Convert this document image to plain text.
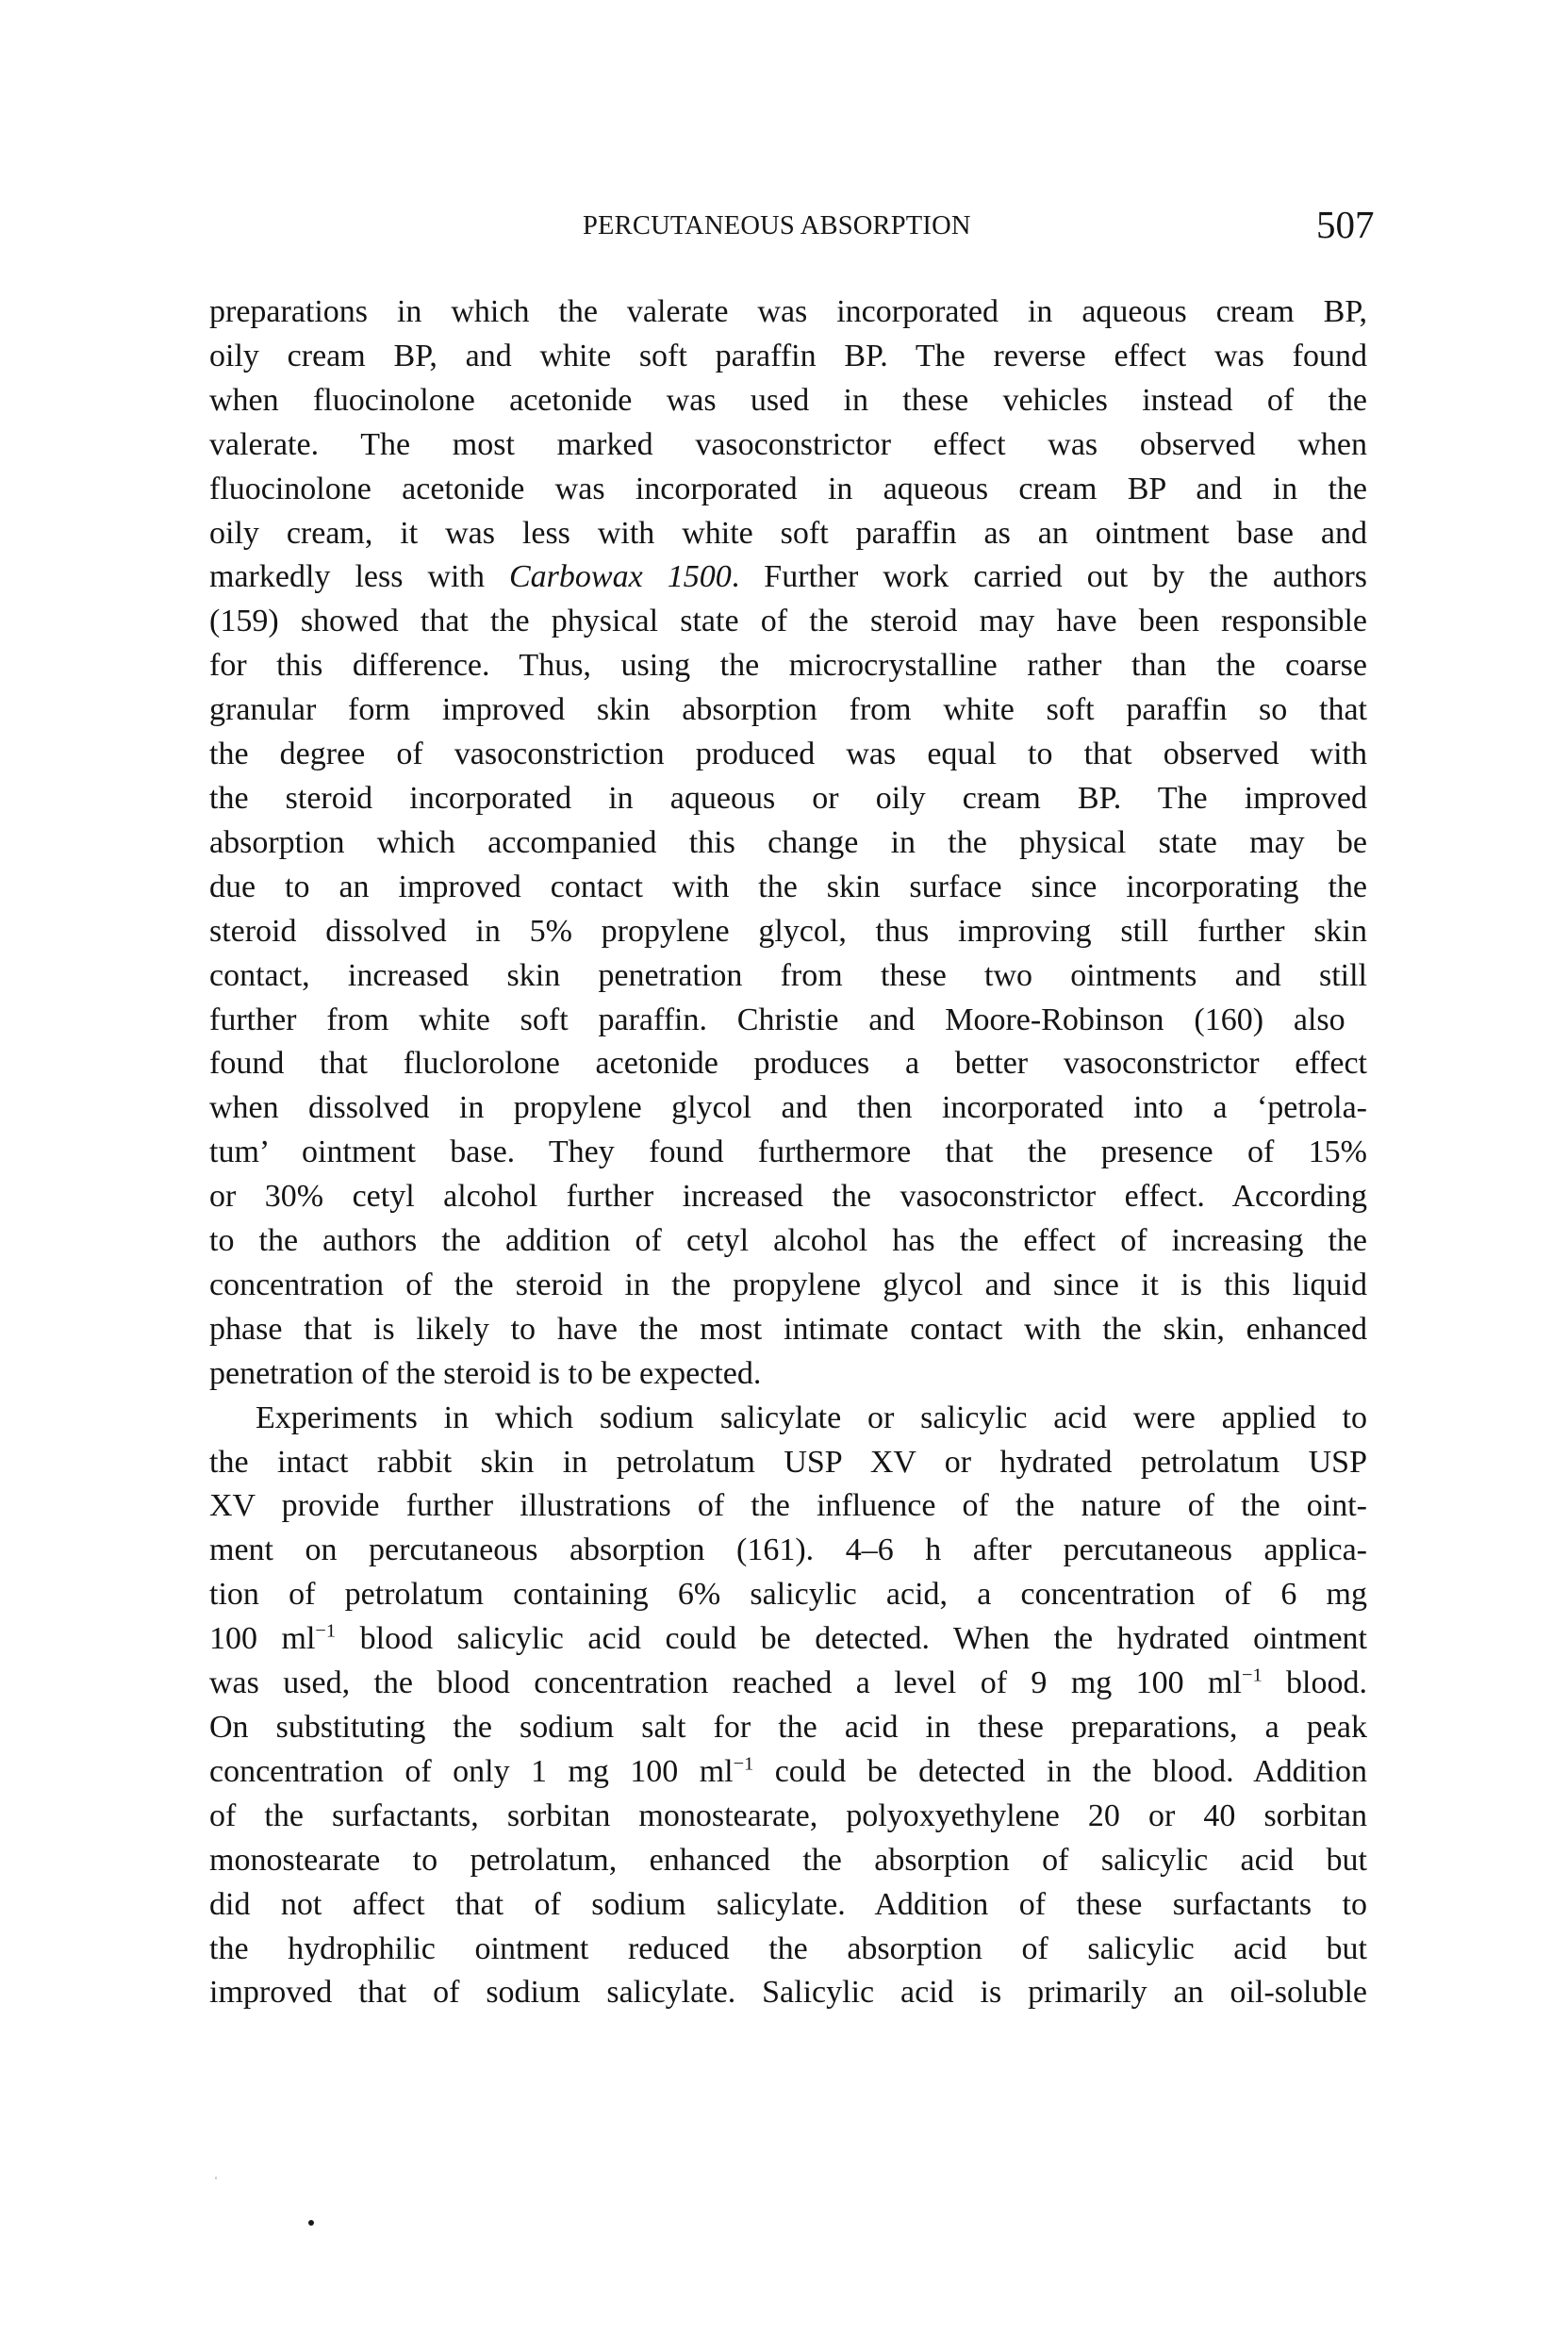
PERCUTANEOUS ABSORPTION	507
preparations in which the valerate was incorporated in aqueous cream BP,
oily cream BP, and white soft paraffin BP. The reverse effect was found
when fluocinolone acetonide was used in these vehicles instead of the
valerate. The most marked vasoconstrictor effect was observed when
fluocinolone acetonide was incorporated in aqueous cream BP and in the
oily cream, it was less with white soft paraffin as an ointment base and
markedly less with Carbowax 1500. Further work carried out by the authors
(159) showed that the physical state of the steroid may have been responsible
for this difference. Thus, using the microcrystalline rather than the coarse
granular form improved skin absorption from white soft paraffin so that
the degree of vasoconstriction produced was equal to that observed with
the steroid incorporated in aqueous or oily cream BP. The improved
absorption which accompanied this change in the physical state may be
due to an improved contact with the skin surface since incorporating the
steroid dissolved in 5% propylene glycol, thus improving still further skin
contact, increased skin penetration from these two ointments and still
further from white soft paraffin. Christie and Moore-Robinson (160) also
found that fluclorolone acetonide produces a better vasoconstrictor effect
when dissolved in propylene glycol and then incorporated into a ‘petrola-
tum’ ointment base. They found furthermore that the presence of 15%
or 30% cetyl alcohol further increased the vasoconstrictor effect. According
to the authors the addition of cetyl alcohol has the effect of increasing the
concentration of the steroid in the propylene glycol and since it is this liquid
phase that is likely to have the most intimate contact with the skin, enhanced
penetration of the steroid is to be expected.
Experiments in which sodium salicylate or salicylic acid were applied to
the intact rabbit skin in petrolatum USP XV or hydrated petrolatum USP
XV provide further illustrations of the influence of the nature of the oint-
ment on percutaneous absorption (161). 4–6 h after percutaneous applica-
tion of petrolatum containing 6% salicylic acid, a concentration of 6 mg
100 $ml^{-1}$ blood salicylic acid could be detected. When the hydrated ointment
was used, the blood concentration reached a level of 9 mg 100 $ml^{-1}$ blood.
On substituting the sodium salt for the acid in these preparations, a peak
concentration of only 1 mg 100 $ml^{-1}$ could be detected in the blood. Addition
of the surfactants, sorbitan monostearate, polyoxyethylene 20 or 40 sorbitan
monostearate to petrolatum, enhanced the absorption of salicylic acid but
did not affect that of sodium salicylate. Addition of these surfactants to
the hydrophilic ointment reduced the absorption of salicylic acid but
improved that of sodium salicylate. Salicylic acid is primarily an oil-soluble
